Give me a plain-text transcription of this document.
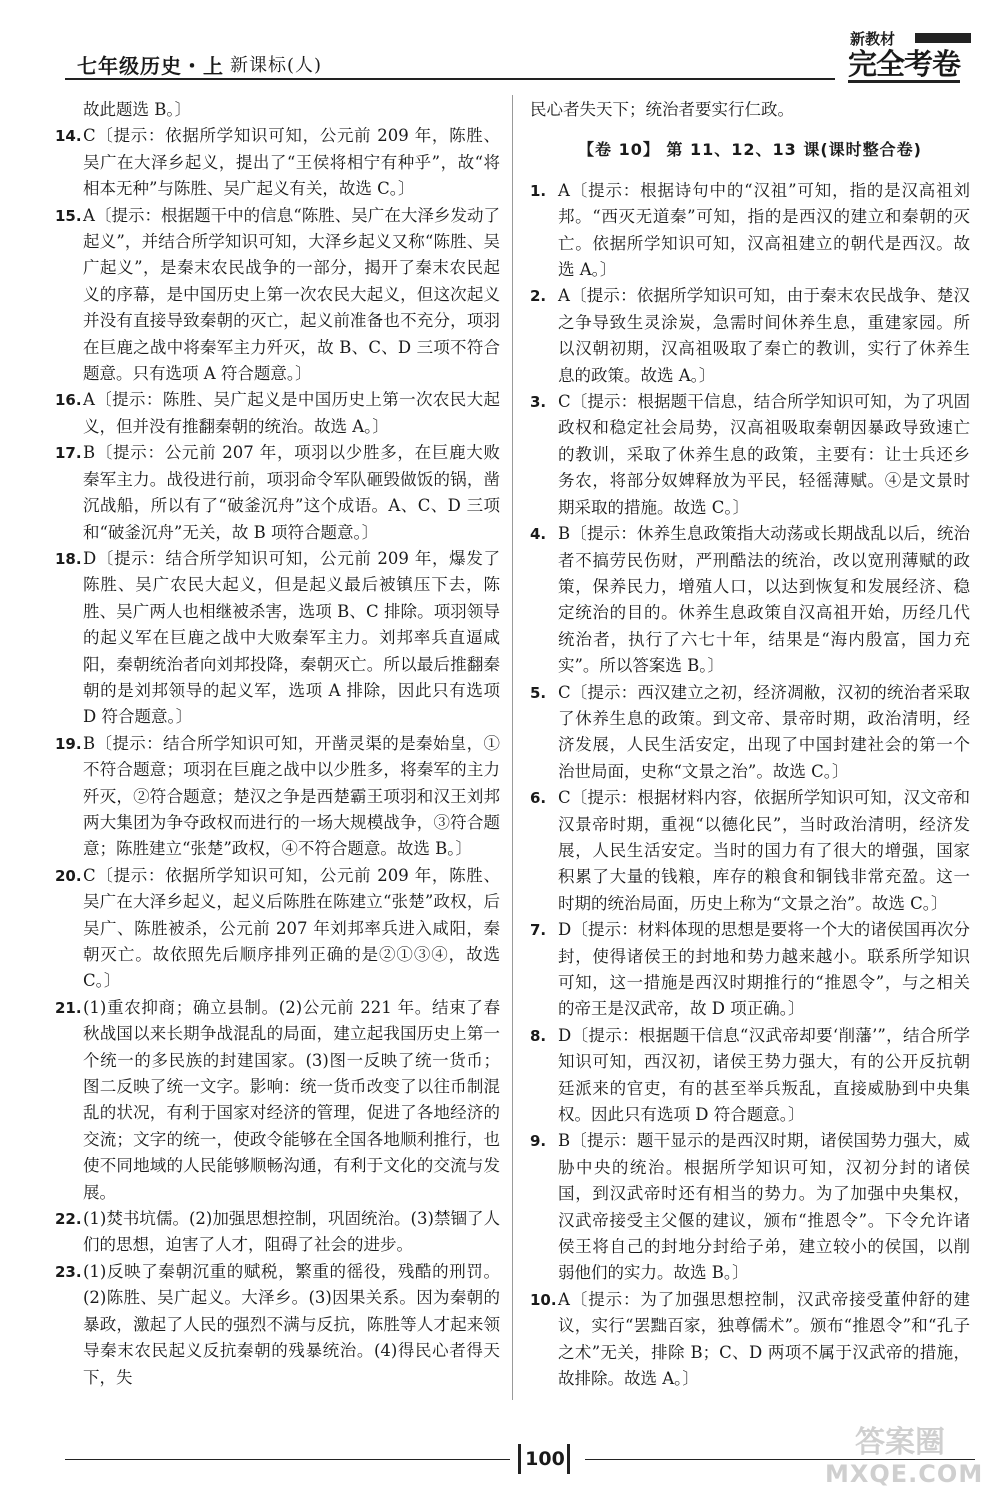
七年级历史・上 新课标(人)
新教材
完全考卷
故此题选 B。〕
14. C〔提示：依据所学知识可知，公元前 209 年，陈胜、吴广在大泽乡起义，提出了“王侯将相宁有种乎”，故“将相本无种”与陈胜、吴广起义有关，故选 C。〕
15. A〔提示：根据题干中的信息“陈胜、吴广在大泽乡发动了起义”，并结合所学知识可知，大泽乡起义又称“陈胜、吴广起义”，是秦末农民战争的一部分，揭开了秦末农民起义的序幕，是中国历史上第一次农民大起义，但这次起义并没有直接导致秦朝的灭亡，起义前准备也不充分，项羽在巨鹿之战中将秦军主力歼灭，故 B、C、D 三项不符合题意。只有选项 A 符合题意。〕
16. A〔提示：陈胜、吴广起义是中国历史上第一次农民大起义，但并没有推翻秦朝的统治。故选 A。〕
17. B〔提示：公元前 207 年，项羽以少胜多，在巨鹿大败秦军主力。战役进行前，项羽命令军队砸毁做饭的锅，凿沉战船，所以有了“破釜沉舟”这个成语。A、C、D 三项和“破釜沉舟”无关，故 B 项符合题意。〕
18. D〔提示：结合所学知识可知，公元前 209 年，爆发了陈胜、吴广农民大起义，但是起义最后被镇压下去，陈胜、吴广两人也相继被杀害，选项 B、C 排除。项羽领导的起义军在巨鹿之战中大败秦军主力。刘邦率兵直逼咸阳，秦朝统治者向刘邦投降，秦朝灭亡。所以最后推翻秦朝的是刘邦领导的起义军，选项 A 排除，因此只有选项 D 符合题意。〕
19. B〔提示：结合所学知识可知，开凿灵渠的是秦始皇，①不符合题意；项羽在巨鹿之战中以少胜多，将秦军的主力歼灭，②符合题意；楚汉之争是西楚霸王项羽和汉王刘邦两大集团为争夺政权而进行的一场大规模战争，③符合题意；陈胜建立“张楚”政权，④不符合题意。故选 B。〕
20. C〔提示：依据所学知识可知，公元前 209 年，陈胜、吴广在大泽乡起义，起义后陈胜在陈建立“张楚”政权，后吴广、陈胜被杀，公元前 207 年刘邦率兵进入咸阳，秦朝灭亡。故依照先后顺序排列正确的是②①③④，故选 C。〕
21. (1)重农抑商；确立县制。(2)公元前 221 年。结束了春秋战国以来长期争战混乱的局面，建立起我国历史上第一个统一的多民族的封建国家。(3)图一反映了统一货币；图二反映了统一文字。影响：统一货币改变了以往币制混乱的状况，有利于国家对经济的管理，促进了各地经济的交流；文字的统一，使政令能够在全国各地顺利推行，也使不同地域的人民能够顺畅沟通，有利于文化的交流与发展。
22. (1)焚书坑儒。(2)加强思想控制，巩固统治。(3)禁锢了人们的思想，迫害了人才，阻碍了社会的进步。
23. (1)反映了秦朝沉重的赋税，繁重的徭役，残酷的刑罚。(2)陈胜、吴广起义。大泽乡。(3)因果关系。因为秦朝的暴政，激起了人民的强烈不满与反抗，陈胜等人才起来领导秦末农民起义反抗秦朝的残暴统治。(4)得民心者得天下，失
民心者失天下；统治者要实行仁政。
【卷 10】 第 11、12、13 课(课时整合卷)
1. A〔提示：根据诗句中的“汉祖”可知，指的是汉高祖刘邦。“西灭无道秦”可知，指的是西汉的建立和秦朝的灭亡。依据所学知识可知，汉高祖建立的朝代是西汉。故选 A。〕
2. A〔提示：依据所学知识可知，由于秦末农民战争、楚汉之争导致生灵涂炭，急需时间休养生息，重建家园。所以汉朝初期，汉高祖吸取了秦亡的教训，实行了休养生息的政策。故选 A。〕
3. C〔提示：根据题干信息，结合所学知识可知，为了巩固政权和稳定社会局势，汉高祖吸取秦朝因暴政导致速亡的教训，采取了休养生息的政策，主要有：让士兵还乡务农，将部分奴婢释放为平民，轻徭薄赋。④是文景时期采取的措施。故选 C。〕
4. B〔提示：休养生息政策指大动荡或长期战乱以后，统治者不搞劳民伤财，严刑酷法的统治，改以宽刑薄赋的政策，保养民力，增殖人口，以达到恢复和发展经济、稳定统治的目的。休养生息政策自汉高祖开始，历经几代统治者，执行了六七十年，结果是“海内殷富，国力充实”。所以答案选 B。〕
5. C〔提示：西汉建立之初，经济凋敝，汉初的统治者采取了休养生息的政策。到文帝、景帝时期，政治清明，经济发展，人民生活安定，出现了中国封建社会的第一个治世局面，史称“文景之治”。故选 C。〕
6. C〔提示：根据材料内容，依据所学知识可知，汉文帝和汉景帝时期，重视“以德化民”，当时政治清明，经济发展，人民生活安定。当时的国力有了很大的增强，国家积累了大量的钱粮，库存的粮食和铜钱非常充盈。这一时期的统治局面，历史上称为“文景之治”。故选 C。〕
7. D〔提示：材料体现的思想是要将一个大的诸侯国再次分封，使得诸侯王的封地和势力越来越小。联系所学知识可知，这一措施是西汉时期推行的“推恩令”，与之相关的帝王是汉武帝，故 D 项正确。〕
8. D〔提示：根据题干信息“汉武帝却要‘削藩’”，结合所学知识可知，西汉初，诸侯王势力强大，有的公开反抗朝廷派来的官吏，有的甚至举兵叛乱，直接威胁到中央集权。因此只有选项 D 符合题意。〕
9. B〔提示：题干显示的是西汉时期，诸侯国势力强大，威胁中央的统治。根据所学知识可知，汉初分封的诸侯国，到汉武帝时还有相当的势力。为了加强中央集权，汉武帝接受主父偃的建议，颁布“推恩令”。下令允许诸侯王将自己的封地分封给子弟，建立较小的侯国，以削弱他们的实力。故选 B。〕
10. A〔提示：为了加强思想控制，汉武帝接受董仲舒的建议，实行“罢黜百家，独尊儒术”。颁布“推恩令”和“孔子之术”无关，排除 B；C、D 两项不属于汉武帝的措施，故排除。故选 A。〕
100	答案圈
MXQE.COM
